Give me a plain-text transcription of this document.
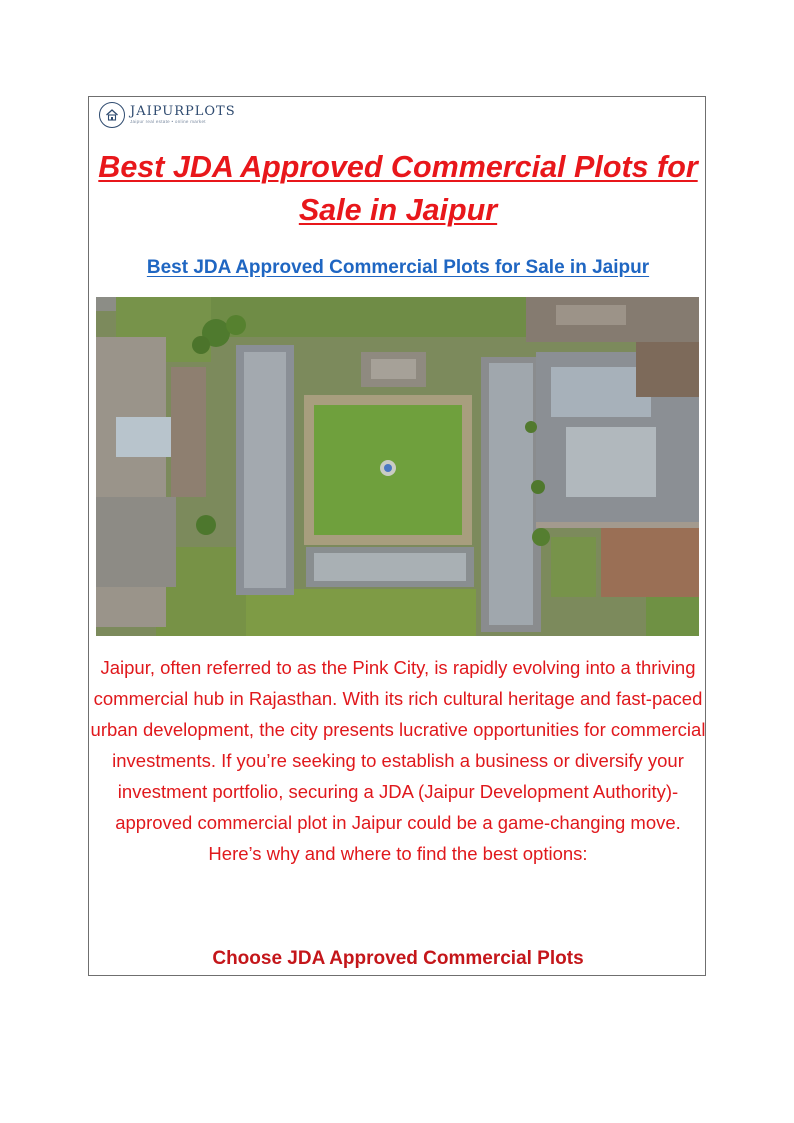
JAIPURPLOTS
Jaipur real estate • online market
Best JDA Approved Commercial Plots for Sale in Jaipur
Best JDA Approved Commercial Plots for Sale in Jaipur

Jaipur, often referred to as the Pink City, is rapidly evolving into a thriving commercial hub in Rajasthan. With its rich cultural heritage and fast-paced urban development, the city presents lucrative opportunities for commercial investments. If you’re seeking to establish a business or diversify your investment portfolio, securing a JDA (Jaipur Development Authority)-approved commercial plot in Jaipur could be a game-changing move. Here’s why and where to find the best options:

Choose JDA Approved Commercial Plots
